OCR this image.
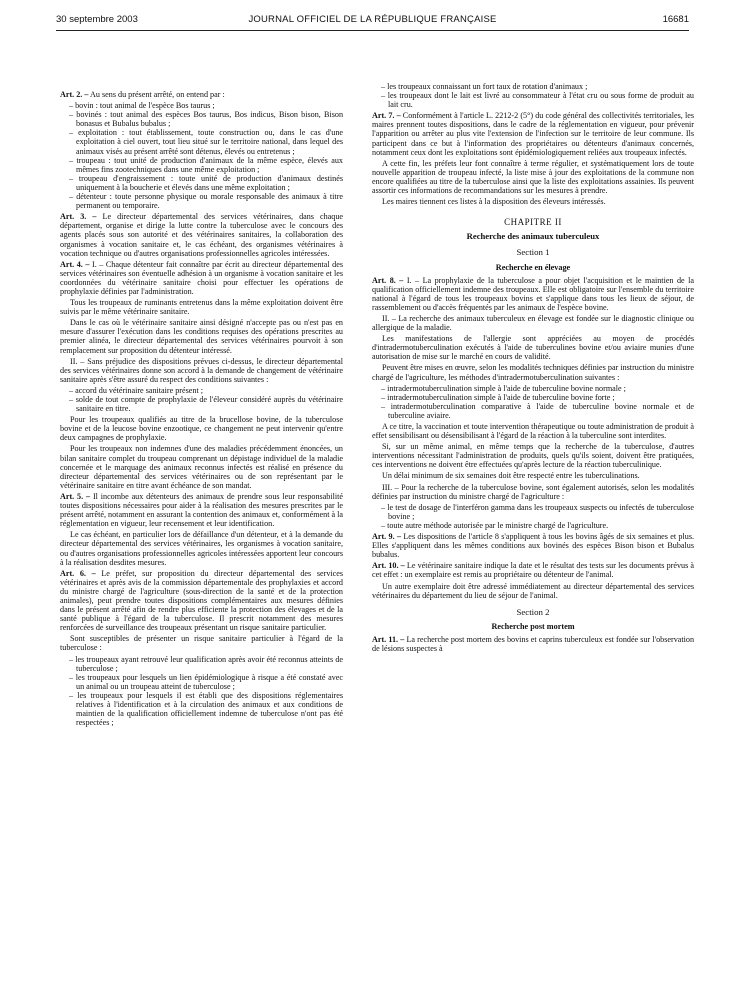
30 septembre 2003	JOURNAL OFFICIEL DE LA RÉPUBLIQUE FRANÇAISE	16681

Art. 2. – Au sens du présent arrêté, on entend par :

– bovin : tout animal de l'espèce Bos taurus ;
– bovinés : tout animal des espèces Bos taurus, Bos indicus, Bison bison, Bison bonasus et Bubalus bubalus ;
– exploitation : tout établissement, toute construction ou, dans le cas d'une exploitation à ciel ouvert, tout lieu situé sur le territoire national, dans lequel des animaux visés au présent arrêté sont détenus, élevés ou entretenus ;
– troupeau : tout unité de production d'animaux de la même espèce, élevés aux mêmes fins zootechniques dans une même exploitation ;
– troupeau d'engraissement : toute unité de production d'animaux destinés uniquement à la boucherie et élevés dans une même exploitation ;
– détenteur : toute personne physique ou morale responsable des animaux à titre permanent ou temporaire.

Art. 3. – Le directeur départemental des services vétérinaires, dans chaque département, organise et dirige la lutte contre la tuberculose avec le concours des agents placés sous son autorité et des vétérinaires sanitaires, la collaboration des organismes à vocation sanitaire et, le cas échéant, des organismes vétérinaires à vocation technique ou d'autres organisations professionnelles agricoles intéressées.

Art. 4. – I. – Chaque détenteur fait connaître par écrit au directeur départemental des services vétérinaires son éventuelle adhésion à un organisme à vocation sanitaire et les coordonnées du vétérinaire sanitaire choisi pour effectuer les opérations de prophylaxie définies par l'administration.

Tous les troupeaux de ruminants entretenus dans la même exploitation doivent être suivis par le même vétérinaire sanitaire.

Dans le cas où le vétérinaire sanitaire ainsi désigné n'accepte pas ou n'est pas en mesure d'assurer l'exécution dans les conditions requises des opérations prescrites au premier alinéa, le directeur départemental des services vétérinaires pourvoit à son remplacement sur proposition du détenteur intéressé.

II. – Sans préjudice des dispositions prévues ci-dessus, le directeur départemental des services vétérinaires donne son accord à la demande de changement de vétérinaire sanitaire après s'être assuré du respect des conditions suivantes :

– accord du vétérinaire sanitaire présent ;
– solde de tout compte de prophylaxie de l'éleveur considéré auprès du vétérinaire sanitaire en titre.

Pour les troupeaux qualifiés au titre de la brucellose bovine, de la tuberculose bovine et de la leucose bovine enzootique, ce changement ne peut intervenir qu'entre deux campagnes de prophylaxie.

Pour les troupeaux non indemnes d'une des maladies précédemment énoncées, un bilan sanitaire complet du troupeau comprenant un dépistage individuel de la maladie concernée et le marquage des animaux reconnus infectés est réalisé en présence du directeur départemental des services vétérinaires ou de son représentant par le vétérinaire sanitaire en titre avant échéance de son mandat.

Art. 5. – Il incombe aux détenteurs des animaux de prendre sous leur responsabilité toutes dispositions nécessaires pour aider à la réalisation des mesures prescrites par le présent arrêté, notamment en assurant la contention des animaux et, conformément à la réglementation en vigueur, leur recensement et leur identification.

Le cas échéant, en particulier lors de défaillance d'un détenteur, et à la demande du directeur départemental des services vétérinaires, les organismes à vocation sanitaire, ou d'autres organisations professionnelles agricoles intéressées apportent leur concours à la réalisation desdites mesures.

Art. 6. – Le préfet, sur proposition du directeur départemental des services vétérinaires et après avis de la commission départementale des prophylaxies et accord du ministre chargé de l'agriculture (sous-direction de la santé et de la protection animales), peut prendre toutes dispositions complémentaires aux mesures définies dans le présent arrêté afin de rendre plus efficiente la protection des élevages et de la santé publique à l'égard de la tuberculose. Il prescrit notamment des mesures renforcées de surveillance des troupeaux présentant un risque sanitaire particulier.

Sont susceptibles de présenter un risque sanitaire particulier à l'égard de la tuberculose :

– les troupeaux ayant retrouvé leur qualification après avoir été reconnus atteints de tuberculose ;
– les troupeaux pour lesquels un lien épidémiologique à risque a été constaté avec un animal ou un troupeau atteint de tuberculose ;
– les troupeaux pour lesquels il est établi que des dispositions réglementaires relatives à l'identification et à la circulation des animaux et aux conditions de maintien de la qualification officiellement indemne de tuberculose n'ont pas été respectées ;
– les troupeaux connaissant un fort taux de rotation d'animaux ;
– les troupeaux dont le lait est livré au consommateur à l'état cru ou sous forme de produit au lait cru.

Art. 7. – Conformément à l'article L. 2212-2 (5°) du code général des collectivités territoriales, les maires prennent toutes dispositions, dans le cadre de la réglementation en vigueur, pour prévenir l'apparition ou arrêter au plus vite l'extension de l'infection sur le territoire de leur commune. Ils participent dans ce but à l'information des propriétaires ou détenteurs d'animaux concernés, notamment ceux dont les exploitations sont épidémiologiquement reliées aux troupeaux infectés.

A cette fin, les préfets leur font connaître à terme régulier, et systématiquement lors de toute nouvelle apparition de troupeau infecté, la liste mise à jour des exploitations de la commune non encore qualifiées au titre de la tuberculose ainsi que la liste des exploitations assainies. Ils peuvent assortir ces informations de recommandations sur les mesures à prendre.

Les maires tiennent ces listes à la disposition des éleveurs intéressés.

CHAPITRE II
Recherche des animaux tuberculeux
Section 1
Recherche en élevage

Art. 8. – I. – La prophylaxie de la tuberculose a pour objet l'acquisition et le maintien de la qualification officiellement indemne des troupeaux. Elle est obligatoire sur l'ensemble du territoire national à l'égard de tous les troupeaux bovins et s'applique dans tous les lieux de séjour, de rassemblement ou d'accès fréquentés par les animaux de l'espèce bovine.

II. – La recherche des animaux tuberculeux en élevage est fondée sur le diagnostic clinique ou allergique de la maladie.

Les manifestations de l'allergie sont appréciées au moyen de procédés d'intradermotuberculination exécutés à l'aide de tuberculines bovine et/ou aviaire munies d'une autorisation de mise sur le marché en cours de validité.

Peuvent être mises en œuvre, selon les modalités techniques définies par instruction du ministre chargé de l'agriculture, les méthodes d'intradermotuberculination suivantes :

– intradermotuberculination simple à l'aide de tuberculine bovine normale ;
– intradermotuberculination simple à l'aide de tuberculine bovine forte ;
– intradermotuberculination comparative à l'aide de tuberculine bovine normale et de tuberculine aviaire.

A ce titre, la vaccination et toute intervention thérapeutique ou toute administration de produit à effet sensibilisant ou désensibilisant à l'égard de la réaction à la tuberculine sont interdites.

Si, sur un même animal, en même temps que la recherche de la tuberculose, d'autres interventions nécessitant l'administration de produits, quels qu'ils soient, doivent être pratiquées, ces interventions ne doivent être effectuées qu'après lecture de la réaction tuberculinique.

Un délai minimum de six semaines doit être respecté entre les tuberculinations.

III. – Pour la recherche de la tuberculose bovine, sont également autorisés, selon les modalités définies par instruction du ministre chargé de l'agriculture :

– le test de dosage de l'interféron gamma dans les troupeaux suspects ou infectés de tuberculose bovine ;
– toute autre méthode autorisée par le ministre chargé de l'agriculture.

Art. 9. – Les dispositions de l'article 8 s'appliquent à tous les bovins âgés de six semaines et plus. Elles s'appliquent dans les mêmes conditions aux bovinés des espèces Bison bison et Bubalus bubalus.

Art. 10. – Le vétérinaire sanitaire indique la date et le résultat des tests sur les documents prévus à cet effet : un exemplaire est remis au propriétaire ou détenteur de l'animal.

Un autre exemplaire doit être adressé immédiatement au directeur départemental des services vétérinaires du département du lieu de séjour de l'animal.

Section 2
Recherche post mortem

Art. 11. – La recherche post mortem des bovins et caprins tuberculeux est fondée sur l'observation de lésions suspectes à
